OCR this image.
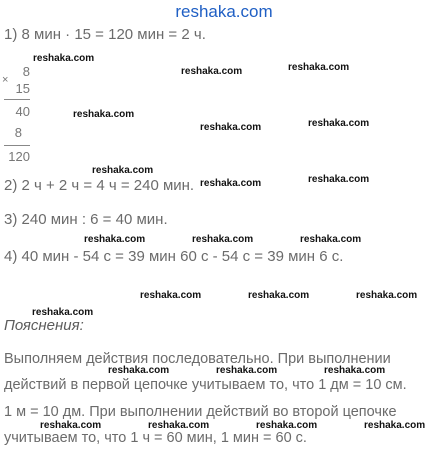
reshaka.com
1) 8 мин · 15 = 120 мин = 2 ч.
×
8
15
40
8
120
2) 2 ч + 2 ч = 4 ч = 240 мин.
3) 240 мин : 6 = 40 мин.
4) 40 мин - 54 с = 39 мин 60 с - 54 с = 39 мин 6 с.
Пояснения:
Выполняем действия последовательно. При выполнении
действий в первой цепочке учитываем то, что 1 дм = 10 см.
1 м = 10 дм. При выполнении действий во второй цепочке
учитываем то, что 1 ч = 60 мин, 1 мин = 60 с.
reshaka.com
reshaka.com	reshaka.com
reshaka.com
reshaka.com	reshaka.com
reshaka.com
reshaka.com	reshaka.com
reshaka.com	reshaka.com	reshaka.com
reshaka.com	reshaka.com	reshaka.com
reshaka.com
reshaka.com	reshaka.com	reshaka.com
reshaka.com	reshaka.com	reshaka.com	reshaka.com
